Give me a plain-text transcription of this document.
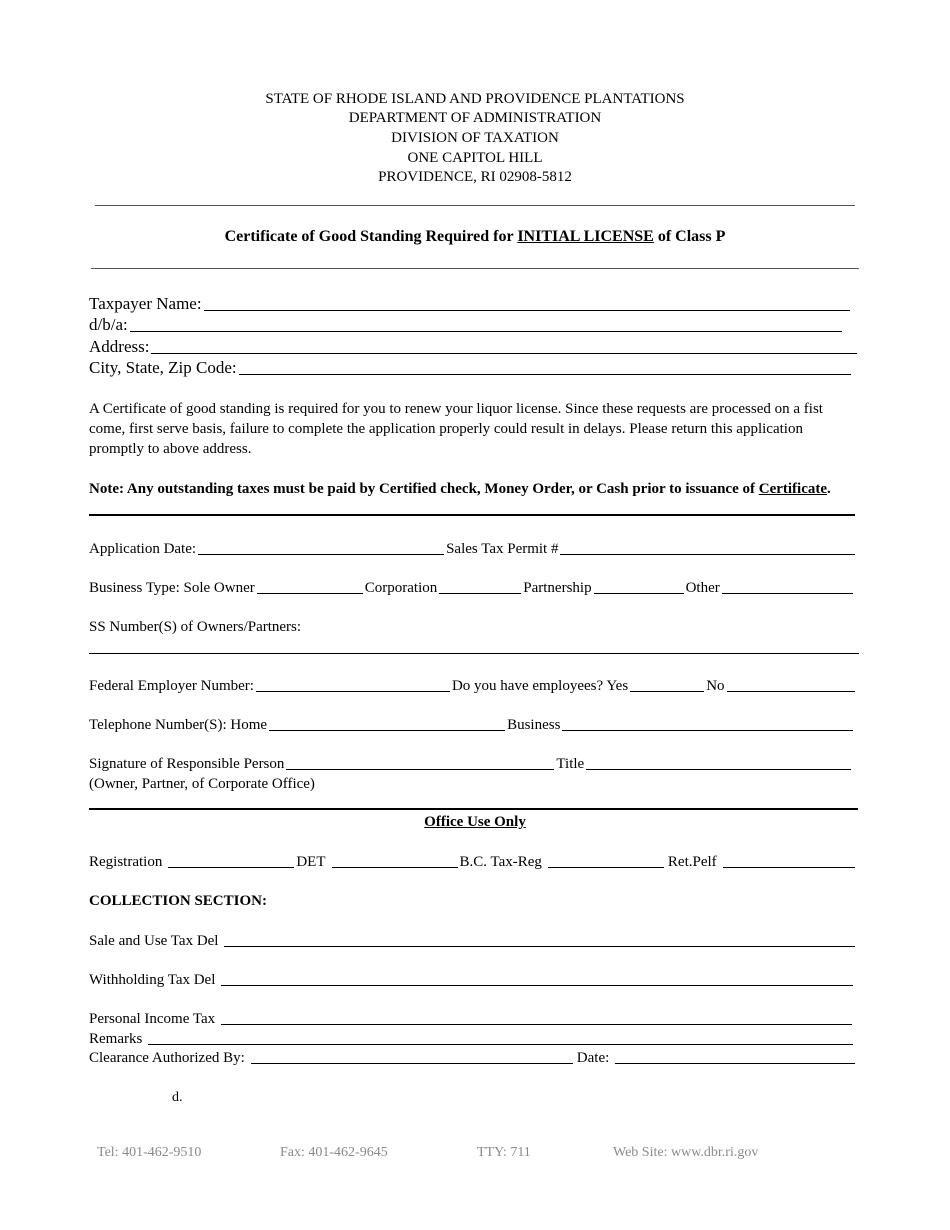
STATE OF RHODE ISLAND AND PROVIDENCE PLANTATIONS
DEPARTMENT OF ADMINISTRATION
DIVISION OF TAXATION
ONE CAPITOL HILL
PROVIDENCE, RI 02908-5812
Certificate of Good Standing Required for INITIAL LICENSE of Class P
Taxpayer Name:
d/b/a:
Address:
City, State, Zip Code:
A Certificate of good standing is required for you to renew your liquor license. Since these requests are processed on a fist come, first serve basis, failure to complete the application properly could result in delays. Please return this application promptly to above address.
Note: Any outstanding taxes must be paid by Certified check, Money Order, or Cash prior to issuance of Certificate.
Application Date:	Sales Tax Permit #
Business Type: Sole Owner	Corporation	Partnership	Other
SS Number(S) of Owners/Partners:
Federal Employer Number:	Do you have employees? Yes	No
Telephone Number(S): Home	Business
Signature of Responsible Person	Title
(Owner, Partner, of Corporate Office)
Office Use Only
Registration	DET	B.C. Tax-Reg	Ret.Pelf
COLLECTION SECTION:
Sale and Use Tax Del
Withholding Tax Del
Personal Income Tax
Remarks
Clearance Authorized By:	Date:
d.
Tel: 401-462-9510	Fax: 401-462-9645	TTY: 711	Web Site: www.dbr.ri.gov
